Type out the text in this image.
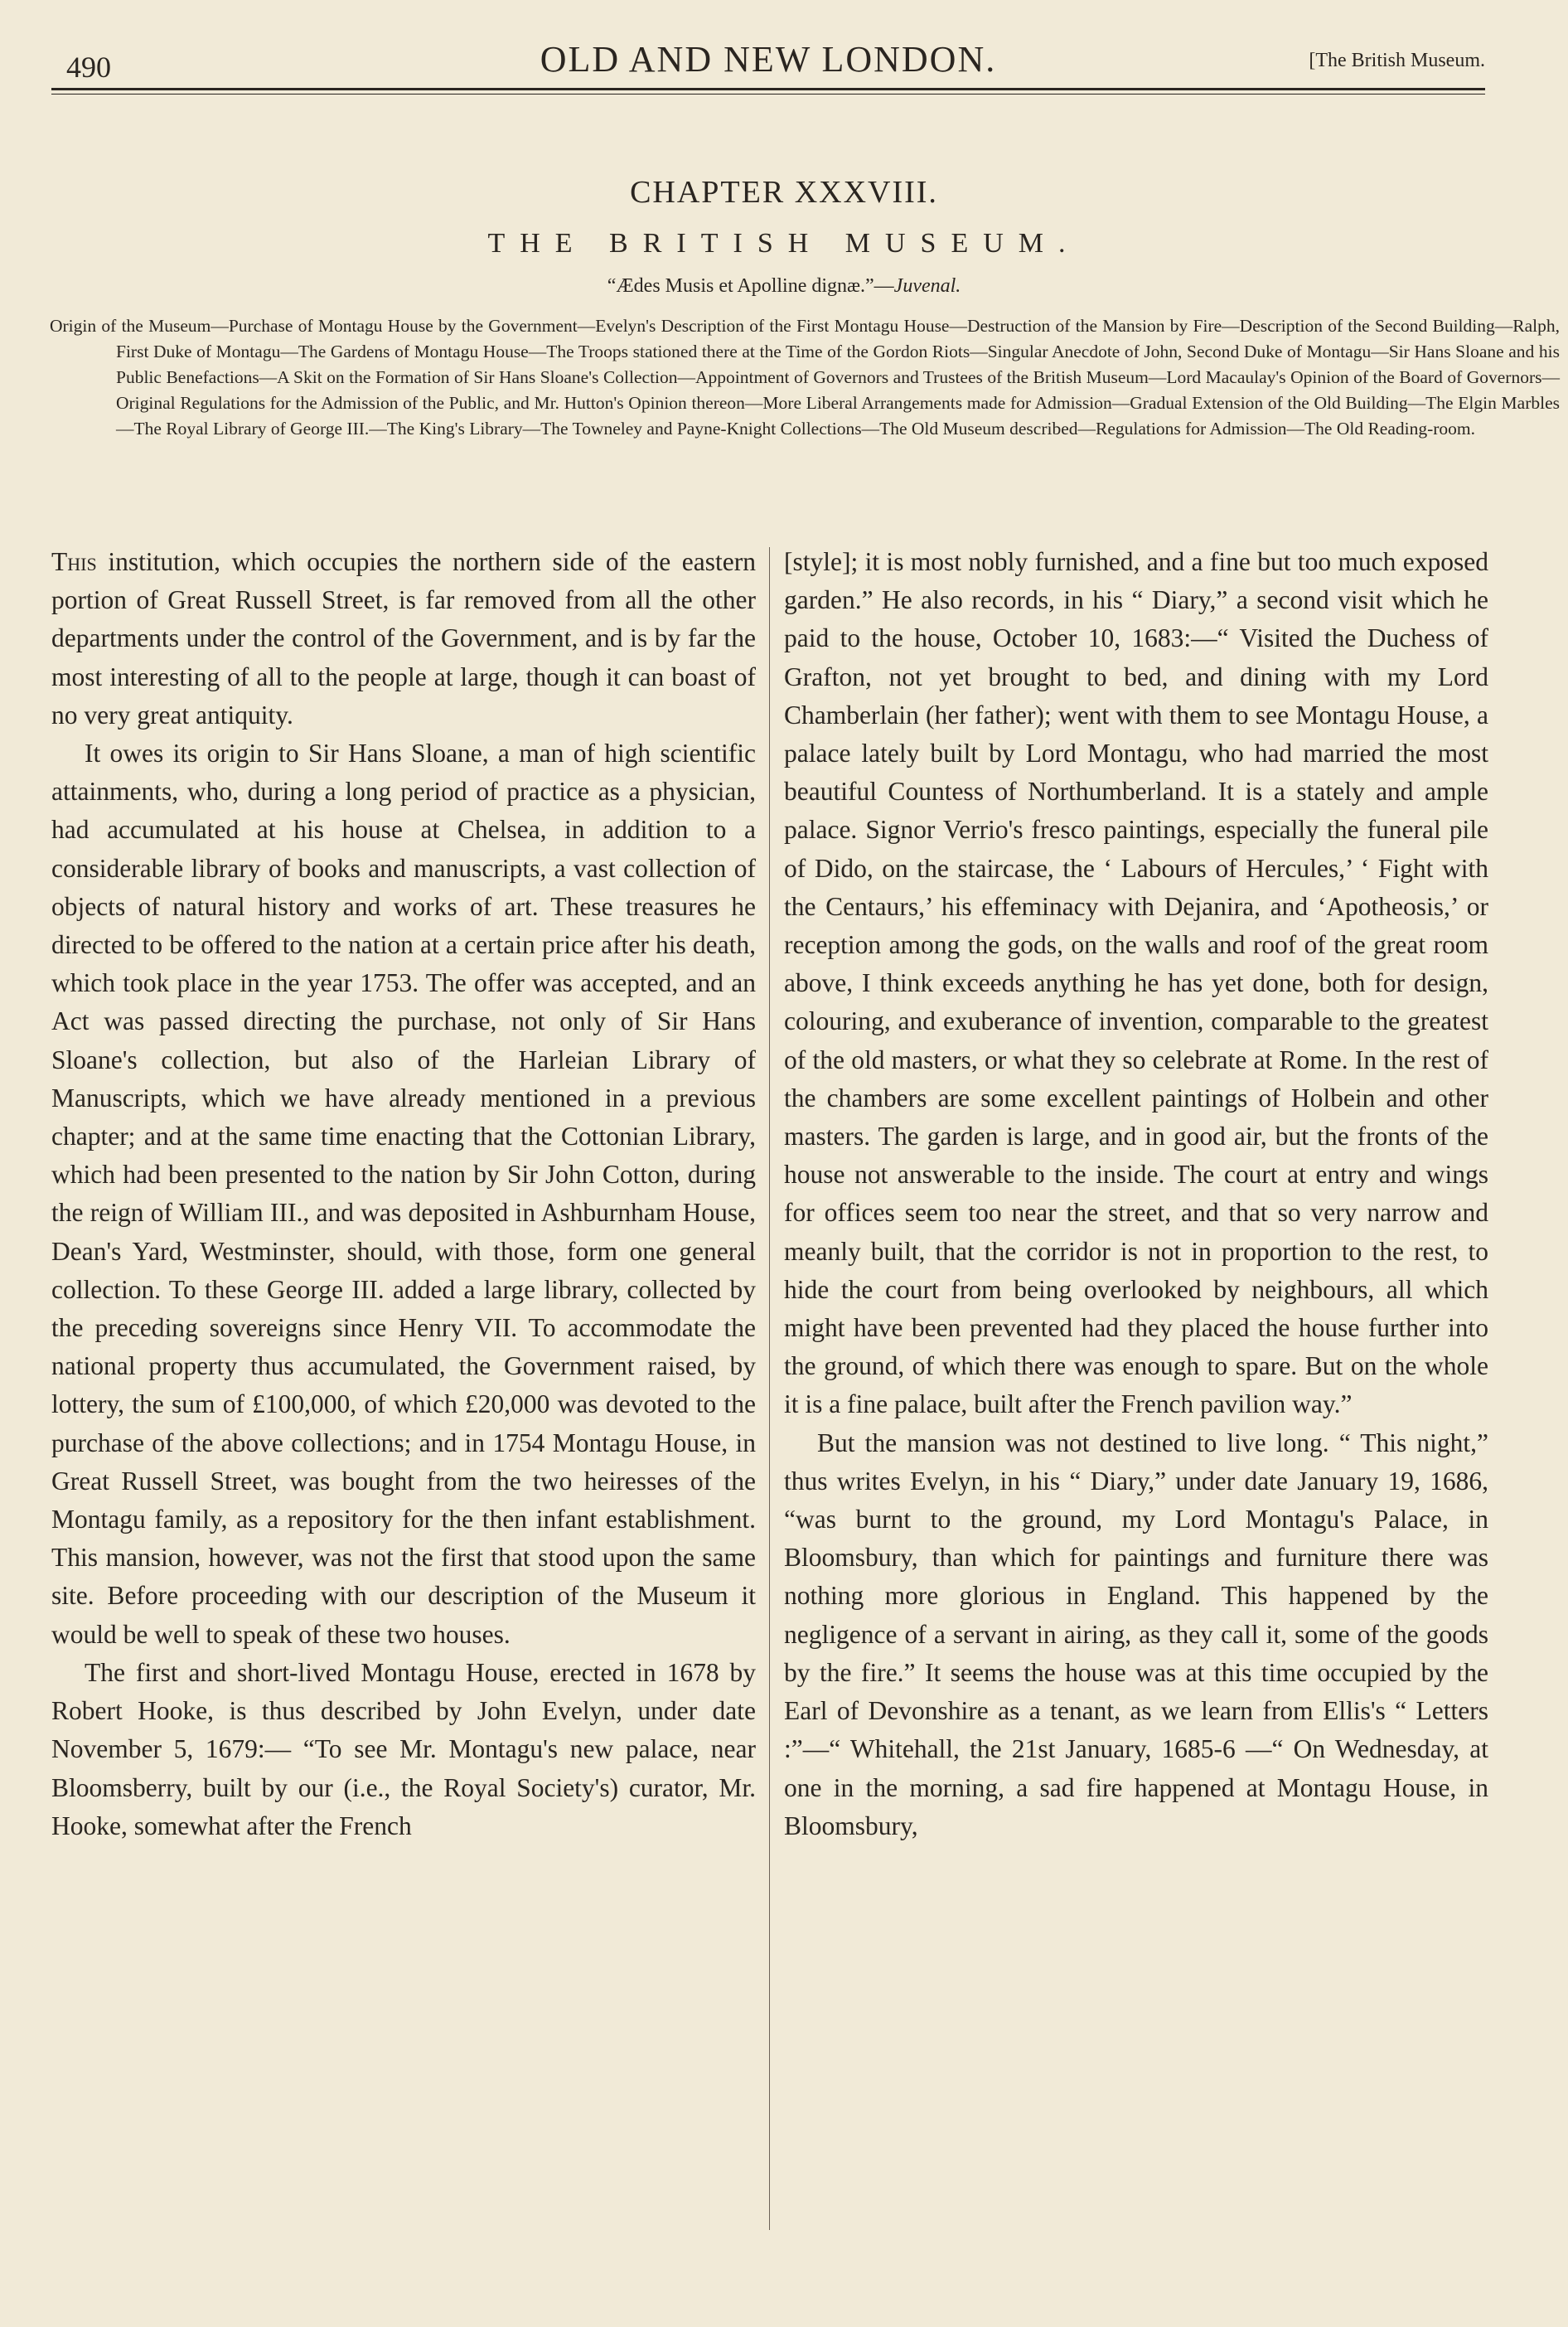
490	OLD AND NEW LONDON.	[The British Museum.
CHAPTER XXXVIII.
THE BRITISH MUSEUM.
“Ædes Musis et Apolline dignæ.”—Juvenal.
Origin of the Museum—Purchase of Montagu House by the Government—Evelyn's Description of the First Montagu House—Destruction of the Mansion by Fire—Description of the Second Building—Ralph, First Duke of Montagu—The Gardens of Montagu House—The Troops stationed there at the Time of the Gordon Riots—Singular Anecdote of John, Second Duke of Montagu—Sir Hans Sloane and his Public Benefactions—A Skit on the Formation of Sir Hans Sloane's Collection—Appointment of Governors and Trustees of the British Museum—Lord Macaulay's Opinion of the Board of Governors—Original Regulations for the Admission of the Public, and Mr. Hutton's Opinion thereon—More Liberal Arrangements made for Admission—Gradual Extension of the Old Building—The Elgin Marbles—The Royal Library of George III.—The King's Library—The Towneley and Payne-Knight Collections—The Old Museum described—Regulations for Admission—The Old Reading-room.

This institution, which occupies the northern side of the eastern portion of Great Russell Street, is far removed from all the other departments under the control of the Government, and is by far the most interesting of all to the people at large, though it can boast of no very great antiquity.

It owes its origin to Sir Hans Sloane, a man of high scientific attainments, who, during a long period of practice as a physician, had accumulated at his house at Chelsea, in addition to a considerable library of books and manuscripts, a vast collection of objects of natural history and works of art. These treasures he directed to be offered to the nation at a certain price after his death, which took place in the year 1753. The offer was accepted, and an Act was passed directing the purchase, not only of Sir Hans Sloane's collection, but also of the Harleian Library of Manuscripts, which we have already mentioned in a previous chapter; and at the same time enacting that the Cottonian Library, which had been presented to the nation by Sir John Cotton, during the reign of William III., and was deposited in Ashburnham House, Dean's Yard, Westminster, should, with those, form one general collection. To these George III. added a large library, collected by the preceding sovereigns since Henry VII. To accommodate the national property thus accumulated, the Government raised, by lottery, the sum of £100,000, of which £20,000 was devoted to the purchase of the above collections; and in 1754 Montagu House, in Great Russell Street, was bought from the two heiresses of the Montagu family, as a repository for the then infant establishment. This mansion, however, was not the first that stood upon the same site. Before proceeding with our description of the Museum it would be well to speak of these two houses.

The first and short-lived Montagu House, erected in 1678 by Robert Hooke, is thus described by John Evelyn, under date November 5, 1679:— “To see Mr. Montagu's new palace, near Bloomsberry, built by our (i.e., the Royal Society's) curator, Mr. Hooke, somewhat after the French

[style]; it is most nobly furnished, and a fine but too much exposed garden.” He also records, in his “ Diary,” a second visit which he paid to the house, October 10, 1683:—“ Visited the Duchess of Grafton, not yet brought to bed, and dining with my Lord Chamberlain (her father); went with them to see Montagu House, a palace lately built by Lord Montagu, who had married the most beautiful Countess of Northumberland. It is a stately and ample palace. Signor Verrio's fresco paintings, especially the funeral pile of Dido, on the staircase, the ‘ Labours of Hercules,’ ‘ Fight with the Centaurs,’ his effeminacy with Dejanira, and ‘Apotheosis,’ or reception among the gods, on the walls and roof of the great room above, I think exceeds anything he has yet done, both for design, colouring, and exuberance of invention, comparable to the greatest of the old masters, or what they so celebrate at Rome. In the rest of the chambers are some excellent paintings of Holbein and other masters. The garden is large, and in good air, but the fronts of the house not answerable to the inside. The court at entry and wings for offices seem too near the street, and that so very narrow and meanly built, that the corridor is not in proportion to the rest, to hide the court from being overlooked by neighbours, all which might have been prevented had they placed the house further into the ground, of which there was enough to spare. But on the whole it is a fine palace, built after the French pavilion way.”

But the mansion was not destined to live long. “ This night,” thus writes Evelyn, in his “ Diary,” under date January 19, 1686, “was burnt to the ground, my Lord Montagu's Palace, in Bloomsbury, than which for paintings and furniture there was nothing more glorious in England. This happened by the negligence of a servant in airing, as they call it, some of the goods by the fire.” It seems the house was at this time occupied by the Earl of Devonshire as a tenant, as we learn from Ellis's “ Letters :”—“ Whitehall, the 21st January, 1685-6 —“ On Wednesday, at one in the morning, a sad fire happened at Montagu House, in Bloomsbury,
